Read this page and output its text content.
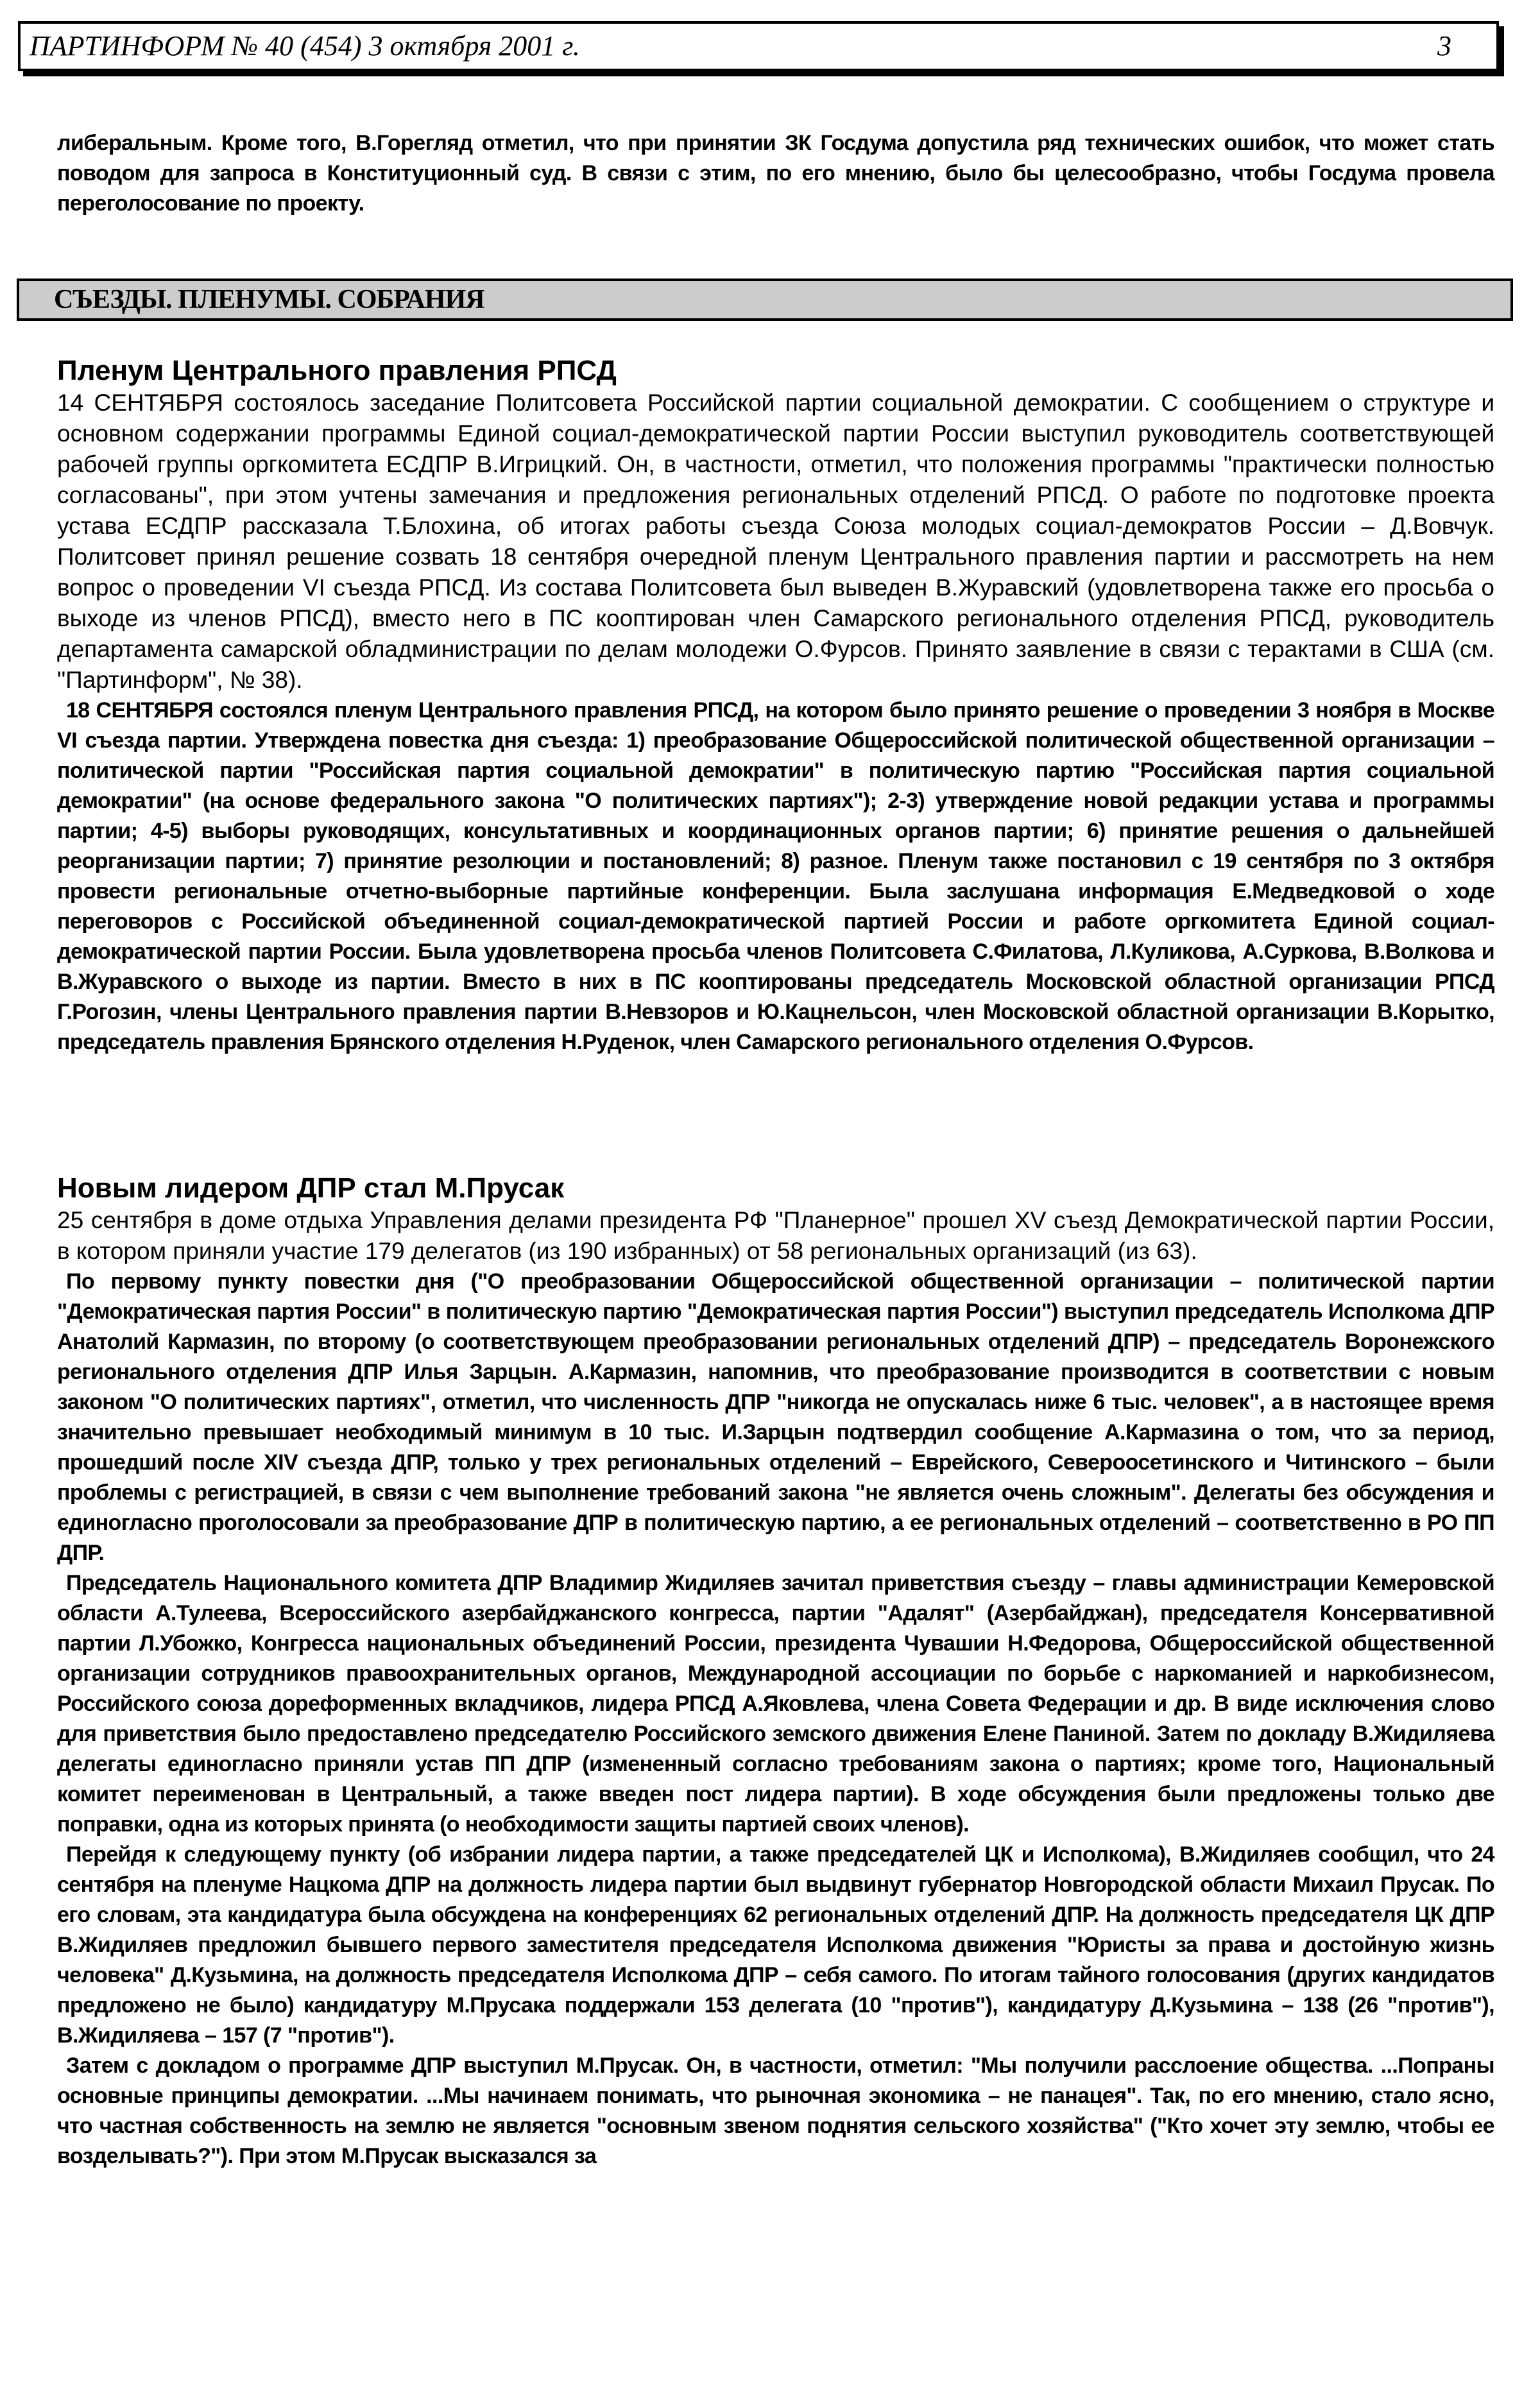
ПАРТИНФОРМ № 40 (454) 3 октября 2001 г.	3

либеральным. Кроме того, В.Горегляд отметил, что при принятии ЗК Госдума допустила ряд технических ошибок, что может стать поводом для запроса в Конституционный суд. В связи с этим, по его мнению, было бы целесообразно, чтобы Госдума провела переголосование по проекту.

СЪЕЗДЫ. ПЛЕНУМЫ. СОБРАНИЯ
Пленум Центрального правления РПСД

14 СЕНТЯБРЯ состоялось заседание Политсовета Российской партии социальной демократии. С сообщением о структуре и основном содержании программы Единой социал-демократической партии России выступил руководитель соответствующей рабочей группы оргкомитета ЕСДПР В.Игрицкий. Он, в частности, отметил, что положения программы "практически полностью согласованы", при этом учтены замечания и предложения региональных отделений РПСД. О работе по подготовке проекта устава ЕСДПР рассказала Т.Блохина, об итогах работы съезда Союза молодых социал-демократов России – Д.Вовчук. Политсовет принял решение созвать 18 сентября очередной пленум Центрального правления партии и рассмотреть на нем вопрос о проведении VI съезда РПСД. Из состава Политсовета был выведен В.Журавский (удовлетворена также его просьба о выходе из членов РПСД), вместо него в ПС кооптирован член Самарского регионального отделения РПСД, руководитель департамента самарской обладминистрации по делам молодежи О.Фурсов. Принято заявление в связи с терактами в США (см. "Партинформ", № 38).

18 СЕНТЯБРЯ состоялся пленум Центрального правления РПСД, на котором было принято решение о проведении 3 ноября в Москве VI съезда партии. Утверждена повестка дня съезда: 1) преобразование Общероссийской политической общественной организации – политической партии "Российская партия социальной демократии" в политическую партию "Российская партия социальной демократии" (на основе федерального закона "О политических партиях"); 2-3) утверждение новой редакции устава и программы партии; 4-5) выборы руководящих, консультативных и координационных органов партии; 6) принятие решения о дальнейшей реорганизации партии; 7) принятие резолюции и постановлений; 8) разное. Пленум также постановил с 19 сентября по 3 октября провести региональные отчетно-выборные партийные конференции. Была заслушана информация Е.Медведковой о ходе переговоров с Российской объединенной социал-демократической партией России и работе оргкомитета Единой социал-демократической партии России. Была удовлетворена просьба членов Политсовета С.Филатова, Л.Куликова, А.Суркова, В.Волкова и В.Журавского о выходе из партии. Вместо в них в ПС кооптированы председатель Московской областной организации РПСД Г.Рогозин, члены Центрального правления партии В.Невзоров и Ю.Кацнельсон, член Московской областной организации В.Корытко, председатель правления Брянского отделения Н.Руденок, член Самарского регионального отделения О.Фурсов.

Новым лидером ДПР стал М.Прусак

25 сентября в доме отдыха Управления делами президента РФ "Планерное" прошел XV съезд Демократической партии России, в котором приняли участие 179 делегатов (из 190 избранных) от 58 региональных организаций (из 63).

По первому пункту повестки дня ("О преобразовании Общероссийской общественной организации – политической партии "Демократическая партия России" в политическую партию "Демократическая партия России") выступил председатель Исполкома ДПР Анатолий Кармазин, по второму (о соответствующем преобразовании региональных отделений ДПР) – председатель Воронежского регионального отделения ДПР Илья Зарцын. А.Кармазин, напомнив, что преобразование производится в соответствии с новым законом "О политических партиях", отметил, что численность ДПР "никогда не опускалась ниже 6 тыс. человек", а в настоящее время значительно превышает необходимый минимум в 10 тыс. И.Зарцын подтвердил сообщение А.Кармазина о том, что за период, прошедший после XIV съезда ДПР, только у трех региональных отделений – Еврейского, Североосетинского и Читинского – были проблемы с регистрацией, в связи с чем выполнение требований закона "не является очень сложным". Делегаты без обсуждения и единогласно проголосовали за преобразование ДПР в политическую партию, а ее региональных отделений – соответственно в РО ПП ДПР.

Председатель Национального комитета ДПР Владимир Жидиляев зачитал приветствия съезду – главы администрации Кемеровской области А.Тулеева, Всероссийского азербайджанского конгресса, партии "Адалят" (Азербайджан), председателя Консервативной партии Л.Убожко, Конгресса национальных объединений России, президента Чувашии Н.Федорова, Общероссийской общественной организации сотрудников правоохранительных органов, Международной ассоциации по борьбе с наркоманией и наркобизнесом, Российского союза дореформенных вкладчиков, лидера РПСД А.Яковлева, члена Совета Федерации и др. В виде исключения слово для приветствия было предоставлено председателю Российского земского движения Елене Паниной. Затем по докладу В.Жидиляева делегаты единогласно приняли устав ПП ДПР (измененный согласно требованиям закона о партиях; кроме того, Национальный комитет переименован в Центральный, а также введен пост лидера партии). В ходе обсуждения были предложены только две поправки, одна из которых принята (о необходимости защиты партией своих членов).

Перейдя к следующему пункту (об избрании лидера партии, а также председателей ЦК и Исполкома), В.Жидиляев сообщил, что 24 сентября на пленуме Нацкома ДПР на должность лидера партии был выдвинут губернатор Новгородской области Михаил Прусак. По его словам, эта кандидатура была обсуждена на конференциях 62 региональных отделений ДПР. На должность председателя ЦК ДПР В.Жидиляев предложил бывшего первого заместителя председателя Исполкома движения "Юристы за права и достойную жизнь человека" Д.Кузьмина, на должность председателя Исполкома ДПР – себя самого. По итогам тайного голосования (других кандидатов предложено не было) кандидатуру М.Прусака поддержали 153 делегата (10 "против"), кандидатуру Д.Кузьмина – 138 (26 "против"), В.Жидиляева – 157 (7 "против").

Затем с докладом о программе ДПР выступил М.Прусак. Он, в частности, отметил: "Мы получили расслоение общества. ...Попраны основные принципы демократии. ...Мы начинаем понимать, что рыночная экономика – не панацея". Так, по его мнению, стало ясно, что частная собственность на землю не является "основным звеном поднятия сельского хозяйства" ("Кто хочет эту землю, чтобы ее возделывать?"). При этом М.Прусак высказался за
